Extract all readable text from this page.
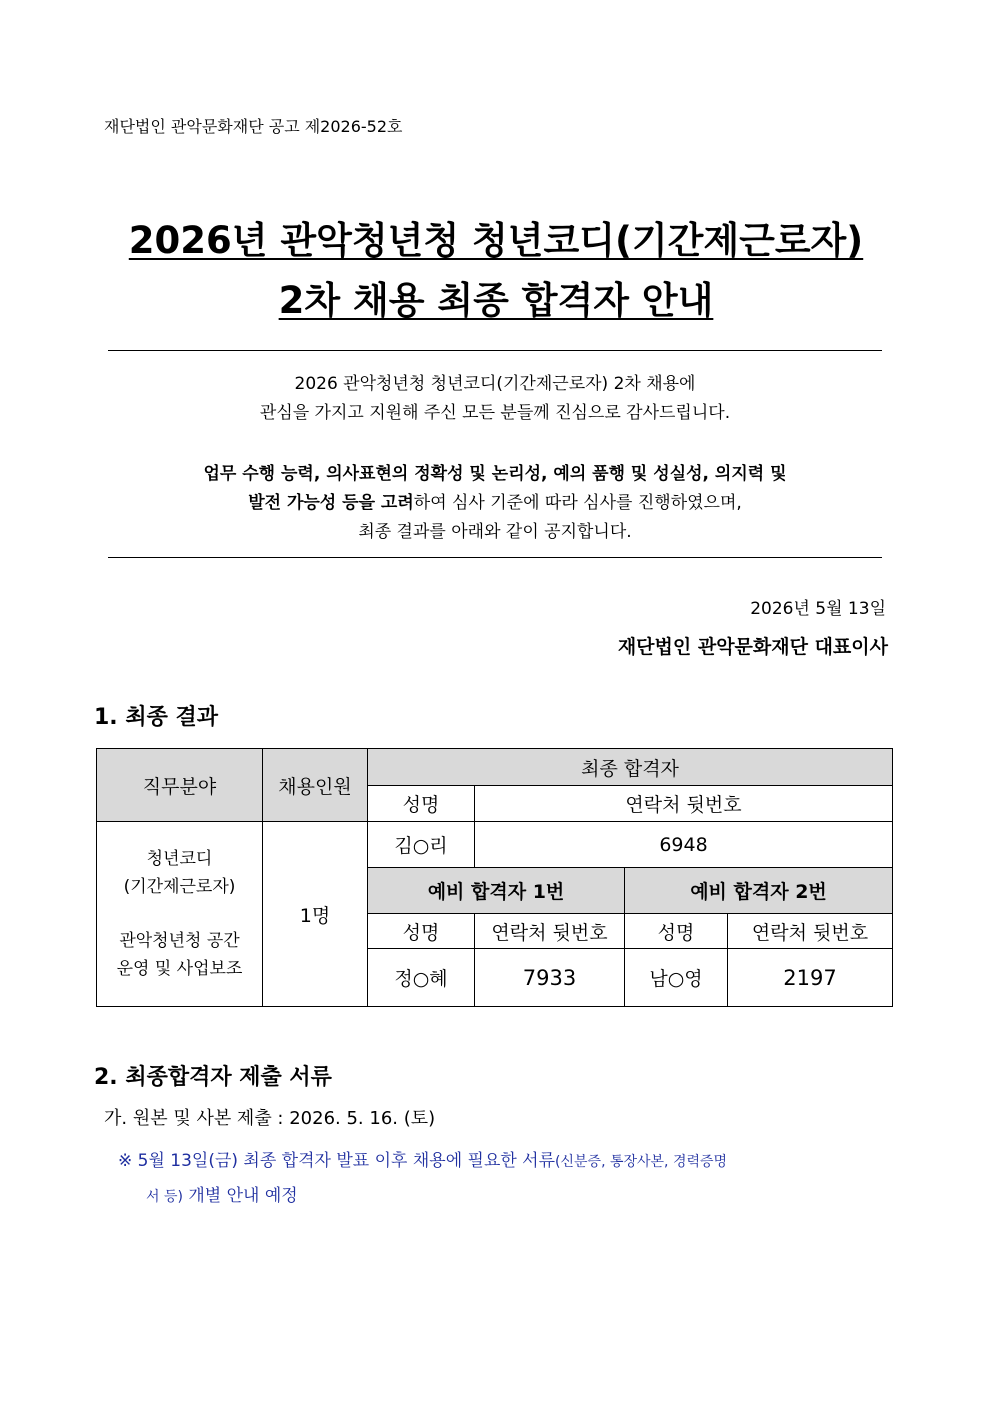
재단법인 관악문화재단 공고 제2026-52호
2026년 관악청년청 청년코디(기간제근로자)
2차 채용 최종 합격자 안내
2026 관악청년청 청년코디(기간제근로자) 2차 채용에
관심을 가지고 지원해 주신 모든 분들께 진심으로 감사드립니다.
업무 수행 능력, 의사표현의 정확성 및 논리성, 예의 품행 및 성실성, 의지력 및
발전 가능성 등을 고려하여 심사 기준에 따라 심사를 진행하였으며,
최종 결과를 아래와 같이 공지합니다.
2026년 5월 13일
재단법인 관악문화재단 대표이사
1. 최종 결과
직무분야	채용인원	최종 합격자			
		성명	연락처 뒷번호		

청년코디
(기간제근로자)
관악청년청 공간
운영 및 사업보조	1명	김○리	6948		
		예비 합격자 1번		예비 합격자 2번	
		성명	연락처 뒷번호	성명	연락처 뒷번호
		정○혜	7933	남○영	2197
2. 최종합격자 제출 서류
가. 원본 및 사본 제출 : 2026. 5. 16. (토)
※ 5월 13일(금) 최종 합격자 발표 이후 채용에 필요한 서류(신분증, 통장사본, 경력증명
서 등) 개별 안내 예정
